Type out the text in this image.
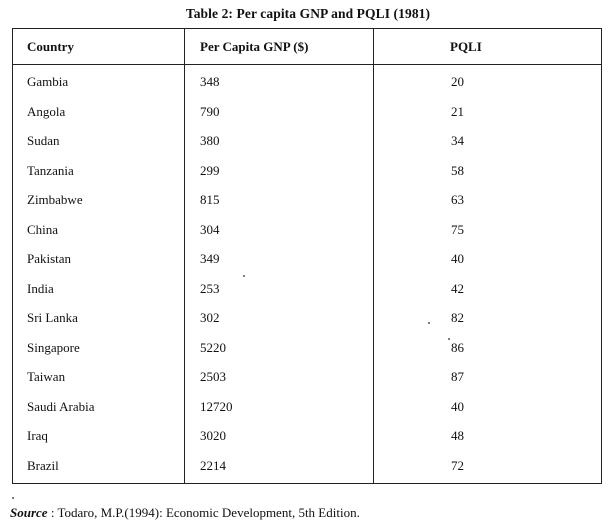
Table 2: Per capita GNP and PQLI (1981)
Country	Per Capita GNP ($)	PQLI
Gambia	348	20
Angola	790	21
Sudan	380	34
Tanzania	299	58
Zimbabwe	815	63
China	304	75
Pakistan	349	40
India	253	42
Sri Lanka	302	82
Singapore	5220	86
Taiwan	2503	87
Saudi Arabia	12720	40
Iraq	3020	48
Brazil	2214	72
Source : Todaro, M.P.(1994): Economic Development, 5th Edition.
